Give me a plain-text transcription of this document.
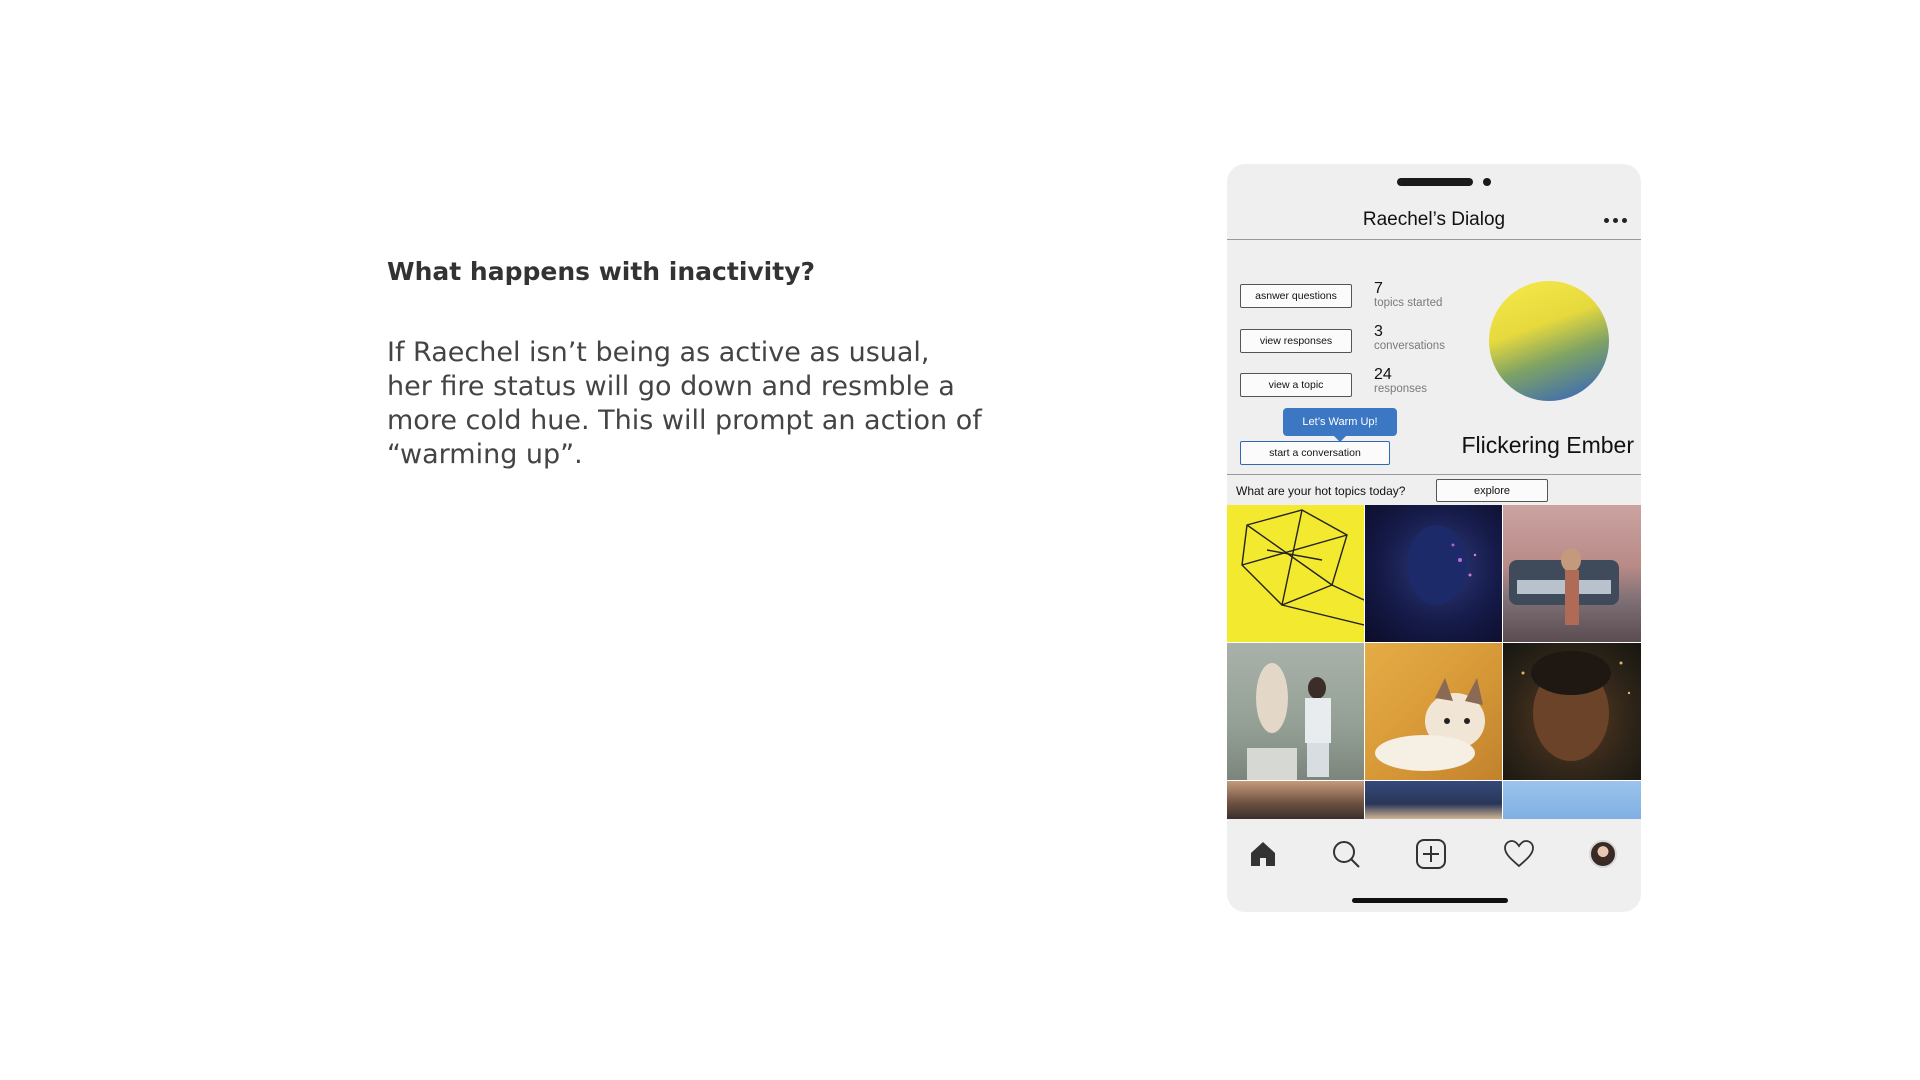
What happens with inactivity?
If Raechel isn’t being as active as usual,
her fire status will go down and resmble a
more cold hue. This will prompt an action of
“warming up”.
Raechel’s Dialog
asnwer questions
view responses
view a topic
Let’s Warm Up!
start a conversation
7
topics started
3
conversations
24
responses
Flickering Ember
What are your hot topics today?	explore
